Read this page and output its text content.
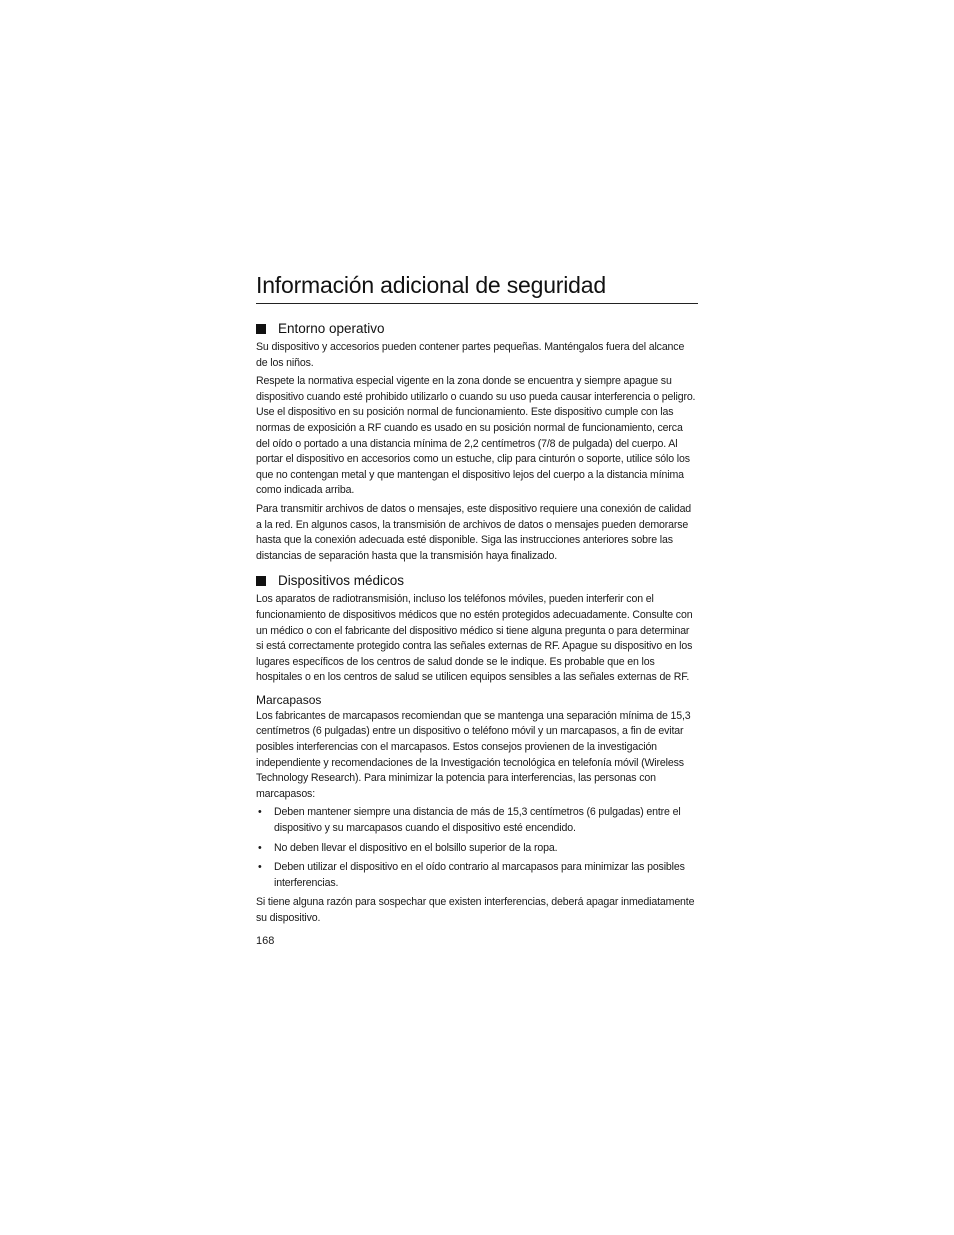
Información adicional de seguridad
Entorno operativo

Su dispositivo y accesorios pueden contener partes pequeñas. Manténgalos fuera del alcance de los niños.

Respete la normativa especial vigente en la zona donde se encuentra y siempre apague su dispositivo cuando esté prohibido utilizarlo o cuando su uso pueda causar interferencia o peligro. Use el dispositivo en su posición normal de funcionamiento. Este dispositivo cumple con las normas de exposición a RF cuando es usado en su posición normal de funcionamiento, cerca del oído o portado a una distancia mínima de 2,2 centímetros (7/8 de pulgada) del cuerpo. Al portar el dispositivo en accesorios como un estuche, clip para cinturón o soporte, utilice sólo los que no contengan metal y que mantengan el dispositivo lejos del cuerpo a la distancia mínima como indicada arriba.

Para transmitir archivos de datos o mensajes, este dispositivo requiere una conexión de calidad a la red. En algunos casos, la transmisión de archivos de datos o mensajes pueden demorarse hasta que la conexión adecuada esté disponible. Siga las instrucciones anteriores sobre las distancias de separación hasta que la transmisión haya finalizado.

Dispositivos médicos

Los aparatos de radiotransmisión, incluso los teléfonos móviles, pueden interferir con el funcionamiento de dispositivos médicos que no estén protegidos adecuadamente. Consulte con un médico o con el fabricante del dispositivo médico si tiene alguna pregunta o para determinar si está correctamente protegido contra las señales externas de RF. Apague su dispositivo en los lugares específicos de los centros de salud donde se le indique. Es probable que en los hospitales o en los centros de salud se utilicen equipos sensibles a las señales externas de RF.

Marcapasos

Los fabricantes de marcapasos recomiendan que se mantenga una separación mínima de 15,3 centímetros (6 pulgadas) entre un dispositivo o teléfono móvil y un marcapasos, a fin de evitar posibles interferencias con el marcapasos. Estos consejos provienen de la investigación independiente y recomendaciones de la Investigación tecnológica en telefonía móvil (Wireless Technology Research). Para minimizar la potencia para interferencias, las personas con marcapasos:

• Deben mantener siempre una distancia de más de 15,3 centímetros (6 pulgadas) entre el dispositivo y su marcapasos cuando el dispositivo esté encendido.
• No deben llevar el dispositivo en el bolsillo superior de la ropa.
• Deben utilizar el dispositivo en el oído contrario al marcapasos para minimizar las posibles interferencias.

Si tiene alguna razón para sospechar que existen interferencias, deberá apagar inmediatamente su dispositivo.

168
